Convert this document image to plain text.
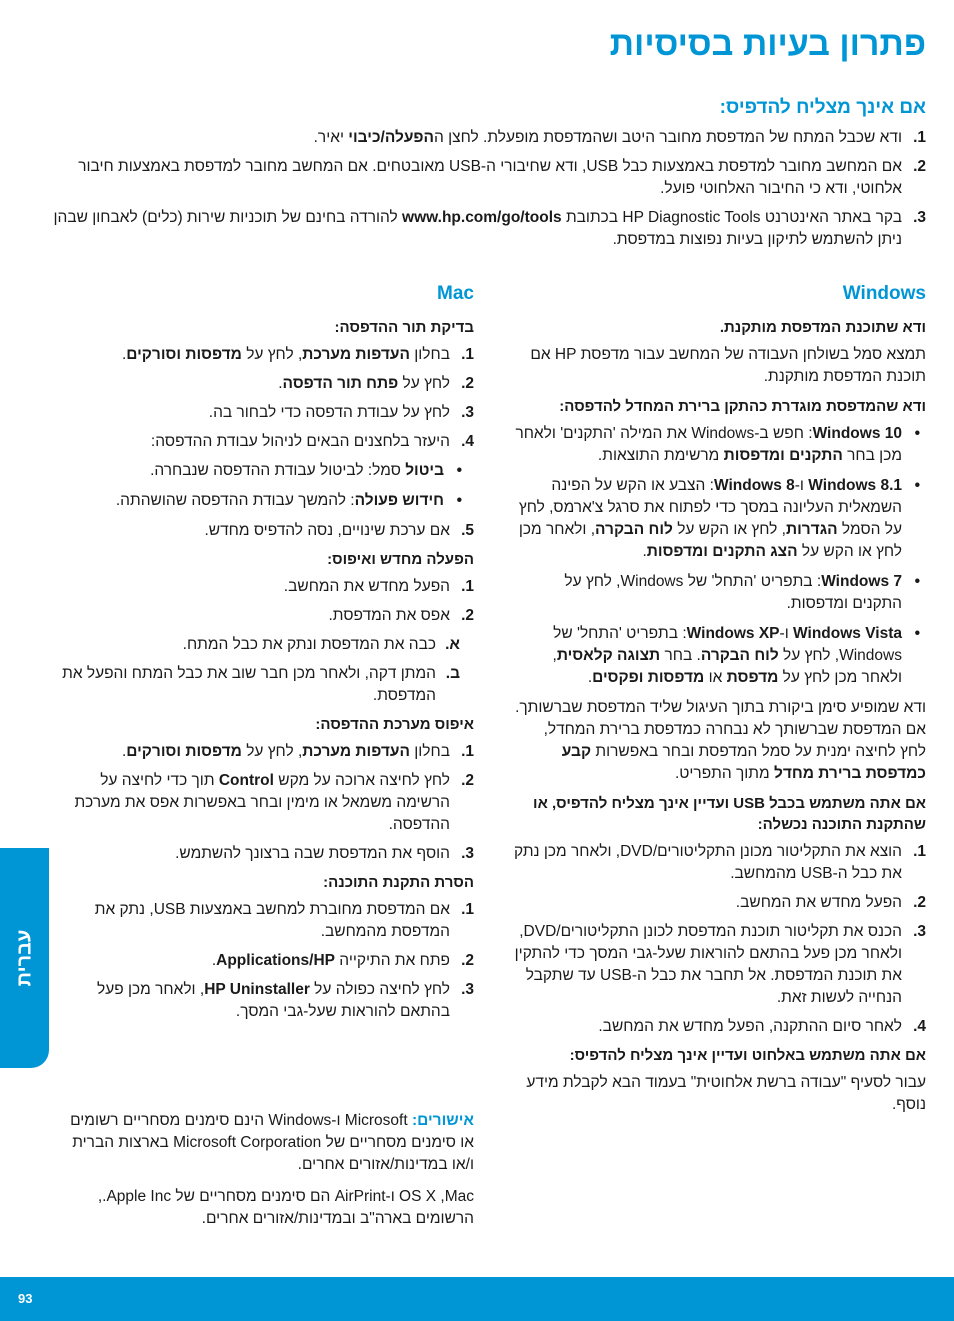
פתרון בעיות בסיסיות
אם אינך מצליח להדפיס:
1.
ודא שכבל המתח של המדפסת מחובר היטב ושהמדפסת מופעלת. לחצן ההפעלה/כיבוי יאיר.
2.
אם המחשב מחובר למדפסת באמצעות כבל USB, ודא שחיבורי ה-USB מאובטחים. אם המחשב מחובר למדפסת באמצעות חיבור אלחוטי, ודא כי החיבור האלחוטי פועל.
3.
בקר באתר האינטרנט HP Diagnostic Tools בכתובת www.hp.com/go/tools להורדה בחינם של תוכניות שירות (כלים) לאבחון שבהן ניתן להשתמש לתיקון בעיות נפוצות במדפסת.
Windows
ודא שתוכנת המדפסת מותקנת.

תמצא סמל בשולחן העבודה של המחשב עבור מדפסת HP אם תוכנת המדפסת מותקנת.

ודא שהמדפסת מוגדרת כהתקן ברירת המחדל להדפסה:
•
Windows 10: חפש ב-Windows את המילה 'התקנים' ולאחר מכן בחר התקנים ומדפסות מרשימת התוצאות.
•
Windows 8.1 ו-Windows 8: הצבע או הקש על הפינה השמאלית העליונה במסך כדי לפתוח את סרגל צ'ארמס, לחץ על הסמל הגדרות, לחץ או הקש על לוח הבקרה, ולאחר מכן לחץ או הקש על הצג התקנים ומדפסות.
•
Windows 7: בתפריט 'התחל' של Windows, לחץ על התקנים ומדפסות.
•
Windows Vista ו-Windows XP: בתפריט 'התחל' של Windows, לחץ על לוח הבקרה. בחר תצוגה קלאסית, ולאחר מכן לחץ על מדפסת או מדפסות ופקסים.

ודא שמופיע סימן ביקורת בתוך העיגול שליד המדפסת שברשותך. אם המדפסת שברשותך לא נבחרה כמדפסת ברירת המחדל, לחץ לחיצה ימנית על סמל המדפסת ובחר באפשרות קבע כמדפסת ברירת מחדל מתוך התפריט.

אם אתה משתמש בכבל USB ועדיין אינך מצליח להדפיס, או שהתקנת התוכנה נכשלה:
1.
הוצא את התקליטור מכונן התקליטורים/DVD, ולאחר מכן נתק את כבל ה-USB מהמחשב.
2.
הפעל מחדש את המחשב.
3.
הכנס את תקליטור תוכנת המדפסת לכונן התקליטורים/DVD, ולאחר מכן פעל בהתאם להוראות שעל-גבי המסך כדי להתקין את תוכנת המדפסת. אל תחבר את כבל ה-USB עד שתקבל הנחייה לעשות זאת.
4.
לאחר סיום ההתקנה, הפעל מחדש את המחשב.
אם אתה משתמש באלחוט ועדיין אינך מצליח להדפיס:

עבור לסעיף "עבודה ברשת אלחוטית" בעמוד הבא לקבלת מידע נוסף.

Mac
בדיקת תור ההדפסה:
1.
בחלון העדפות מערכת, לחץ על מדפסות וסורקים.
2.
לחץ על פתח תור הדפסה.
3.
לחץ על עבודת הדפסה כדי לבחור בה.
4.
היעזר בלחצנים הבאים לניהול עבודת ההדפסה:
•
ביטול סמל: לביטול עבודת ההדפסה שנבחרה.
•
חידוש פעולה: להמשך עבודת ההדפסה שהושהתה.
5.
אם ערכת שינויים, נסה להדפיס מחדש.
הפעלה מחדש ואיפוס:
1.
הפעל מחדש את המחשב.
2.
אפס את המדפסת.
א.
כבה את המדפסת ונתק את כבל המתח.
ב.
המתן דקה, ולאחר מכן חבר שוב את כבל המתח והפעל את המדפסת.
איפוס מערכת ההדפסה:
1.
בחלון העדפות מערכת, לחץ על מדפסות וסורקים.
2.
לחץ לחיצה ארוכה על מקש Control תוך כדי לחיצה על הרשימה משמאל או מימין ובחר באפשרות אפס את מערכת ההדפסה.
3.
הוסף את המדפסת שבה ברצונך להשתמש.
הסרת התקנת התוכנה:
1.
אם המדפסת מחוברת למחשב באמצעות USB, נתק את המדפסת מהמחשב.
2.
פתח את התיקייה Applications/HP.
3.
לחץ לחיצה כפולה על HP Uninstaller, ולאחר מכן פעל בהתאם להוראות שעל-גבי המסך.

אישורים: Microsoft ו-Windows הינם סימנים מסחריים רשומים או סימנים מסחריים של Microsoft Corporation בארצות הברית ו/או במדינות/אזורים אחרים.

Mac‏, OS X ו-AirPrint הם סימנים מסחריים של Apple Inc.‏, הרשומים בארה"ב ובמדינות/אזורים אחרים.

עברית
93
